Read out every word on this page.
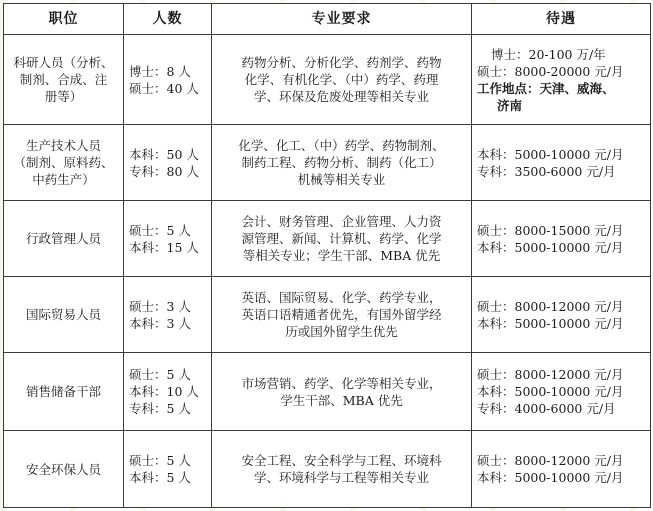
职位	人数	专业要求	待遇

科研人员（分析、
制剂、合成、注
册等）	博士：8 人
硕士：40 人	药物分析、分析化学、药剂学、药物
化学、有机化学、（中）药学、药理
学、环保及危废处理等相关专业	博士：20-100 万/年
硕士：8000-20000 元/月
工作地点：天津、威海、
济南

生产技术人员
（制剂、原料药、
中药生产）	本科：50 人
专科：80 人	化学、化工、（中）药学、药物制剂、
制药工程、药物分析、制药（化工）
机械等相关专业	本科：5000-10000 元/月
专科：3500-6000 元/月

行政管理人员	硕士：5 人
本科：15 人	会计、财务管理、企业管理、人力资
源管理、新闻、计算机、药学、化学
等相关专业；学生干部、MBA 优先	硕士：8000-15000 元/月
本科：5000-10000 元/月

国际贸易人员	硕士：3 人
本科：3 人	英语、国际贸易、化学、药学专业，
英语口语精通者优先，有国外留学经
历或国外留学生优先	硕士：8000-12000 元/月
本科：5000-10000 元/月

销售储备干部	硕士：5 人
本科：10 人
专科：5 人	市场营销、药学、化学等相关专业，
学生干部、MBA 优先	硕士：8000-12000 元/月
本科：5000-10000 元/月
专科：4000-6000 元/月

安全环保人员	硕士：5 人
本科：5 人	安全工程、安全科学与工程、环境科
学、环境科学与工程等相关专业	硕士：8000-12000 元/月
本科：5000-10000 元/月
